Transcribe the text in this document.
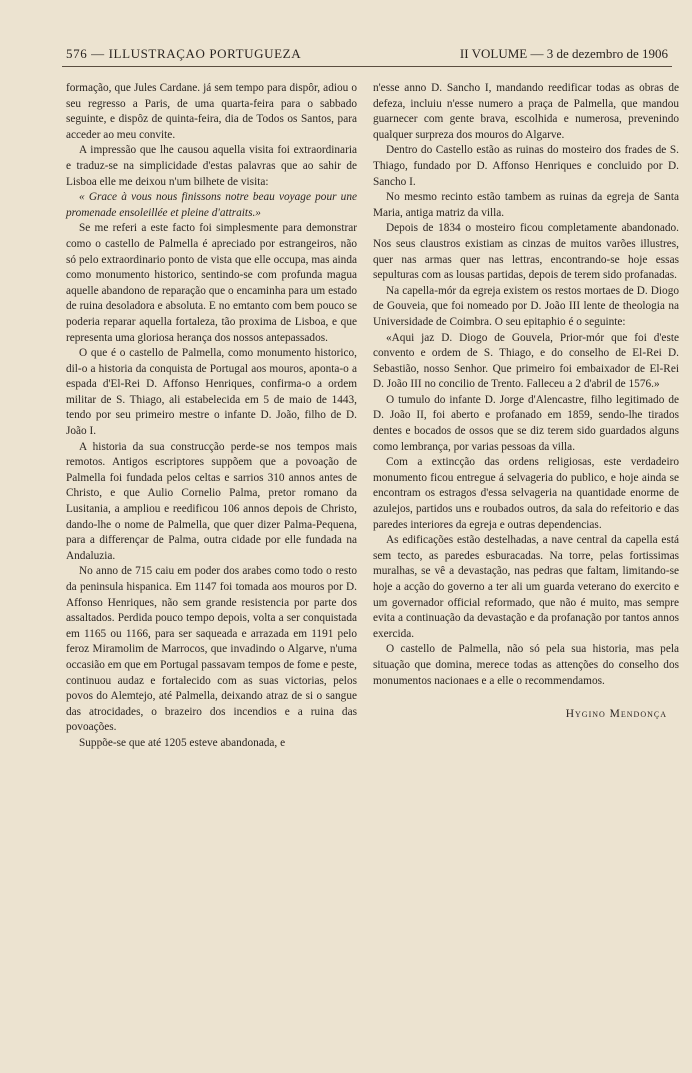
576 — ILLUSTRAÇAO PORTUGUEZA	II VOLUME — 3 de dezembro de 1906

formação, que Jules Cardane. já sem tempo para dispôr, adiou o seu regresso a Paris, de uma quarta-feira para o sabbado seguinte, e dispôz de quinta-feira, dia de Todos os Santos, para acceder ao meu convite.

A impressão que lhe causou aquella visita foi extraordinaria e traduz-se na simplicidade d'estas palavras que ao sahir de Lisboa elle me deixou n'um bilhete de visita:

« Grace à vous nous finissons notre beau voyage pour une promenade ensoleillée et pleine d'attraits.»

Se me referi a este facto foi simplesmente para demonstrar como o castello de Palmella é apreciado por estrangeiros, não só pelo extraordinario ponto de vista que elle occupa, mas ainda como monumento historico, sentindo-se com profunda magua aquelle abandono de reparação que o encaminha para um estado de ruina desoladora e absoluta. E no emtanto com bem pouco se poderia reparar aquella fortaleza, tão proxima de Lisboa, e que representa uma gloriosa herança dos nossos antepassados.

O que é o castello de Palmella, como monumento historico, dil-o a historia da conquista de Portugal aos mouros, aponta-o a espada d'El-Rei D. Affonso Henriques, confirma-o a ordem militar de S. Thiago, ali estabelecida em 5 de maio de 1443, tendo por seu primeiro mestre o infante D. João, filho de D. João I.

A historia da sua construcção perde-se nos tempos mais remotos. Antigos escriptores suppõem que a povoação de Palmella foi fundada pelos celtas e sarrios 310 annos antes de Christo, e que Aulio Cornelio Palma, pretor romano da Lusitania, a ampliou e reedificou 106 annos depois de Christo, dando-lhe o nome de Palmella, que quer dizer Palma-Pequena, para a differençar de Palma, outra cidade por elle fundada na Andaluzia.

No anno de 715 caiu em poder dos arabes como todo o resto da peninsula hispanica. Em 1147 foi tomada aos mouros por D. Affonso Henriques, não sem grande resistencia por parte dos assaltados. Perdida pouco tempo depois, volta a ser conquistada em 1165 ou 1166, para ser saqueada e arrazada em 1191 pelo feroz Miramolim de Marrocos, que invadindo o Algarve, n'uma occasião em que em Portugal passavam tempos de fome e peste, continuou audaz e fortalecido com as suas victorias, pelos povos do Alemtejo, até Palmella, deixando atraz de si o sangue das atrocidades, o brazeiro dos incendios e a ruina das povoações.

Suppõe-se que até 1205 esteve abandonada, e

n'esse anno D. Sancho I, mandando reedificar todas as obras de defeza, incluiu n'esse numero a praça de Palmella, que mandou guarnecer com gente brava, escolhida e numerosa, prevenindo qualquer surpreza dos mouros do Algarve.

Dentro do Castello estão as ruinas do mosteiro dos frades de S. Thiago, fundado por D. Affonso Henriques e concluido por D. Sancho I.

No mesmo recinto estão tambem as ruinas da egreja de Santa Maria, antiga matriz da villa.

Depois de 1834 o mosteiro ficou completamente abandonado. Nos seus claustros existiam as cinzas de muitos varões illustres, quer nas armas quer nas lettras, encontrando-se hoje essas sepulturas com as lousas partidas, depois de terem sido profanadas.

Na capella-mór da egreja existem os restos mortaes de D. Diogo de Gouveia, que foi nomeado por D. João III lente de theologia na Universidade de Coimbra. O seu epitaphio é o seguinte:

«Aqui jaz D. Diogo de Gouvela, Prior-mór que foi d'este convento e ordem de S. Thiago, e do conselho de El-Rei D. Sebastião, nosso Senhor. Que primeiro foi embaixador de El-Rei D. João III no concilio de Trento. Falleceu a 2 d'abril de 1576.»

O tumulo do infante D. Jorge d'Alencastre, filho legitimado de D. João II, foi aberto e profanado em 1859, sendo-lhe tirados dentes e bocados de ossos que se diz terem sido guardados alguns como lembrança, por varias pessoas da villa.

Com a extincção das ordens religiosas, este verdadeiro monumento ficou entregue á selvageria do publico, e hoje ainda se encontram os estragos d'essa selvageria na quantidade enorme de azulejos, partidos uns e roubados outros, da sala do refeitorio e das paredes interiores da egreja e outras dependencias.

As edificações estão destelhadas, a nave central da capella está sem tecto, as paredes esburacadas. Na torre, pelas fortissimas muralhas, se vê a devastação, nas pedras que faltam, limitando-se hoje a acção do governo a ter ali um guarda veterano do exercito e um governador official reformado, que não é muito, mas sempre evita a continuação da devastação e da profanação por tantos annos exercida.

O castello de Palmella, não só pela sua historia, mas pela situação que domina, merece todas as attenções do conselho dos monumentos nacionaes e a elle o recommendamos.

Hygino Mendonça
